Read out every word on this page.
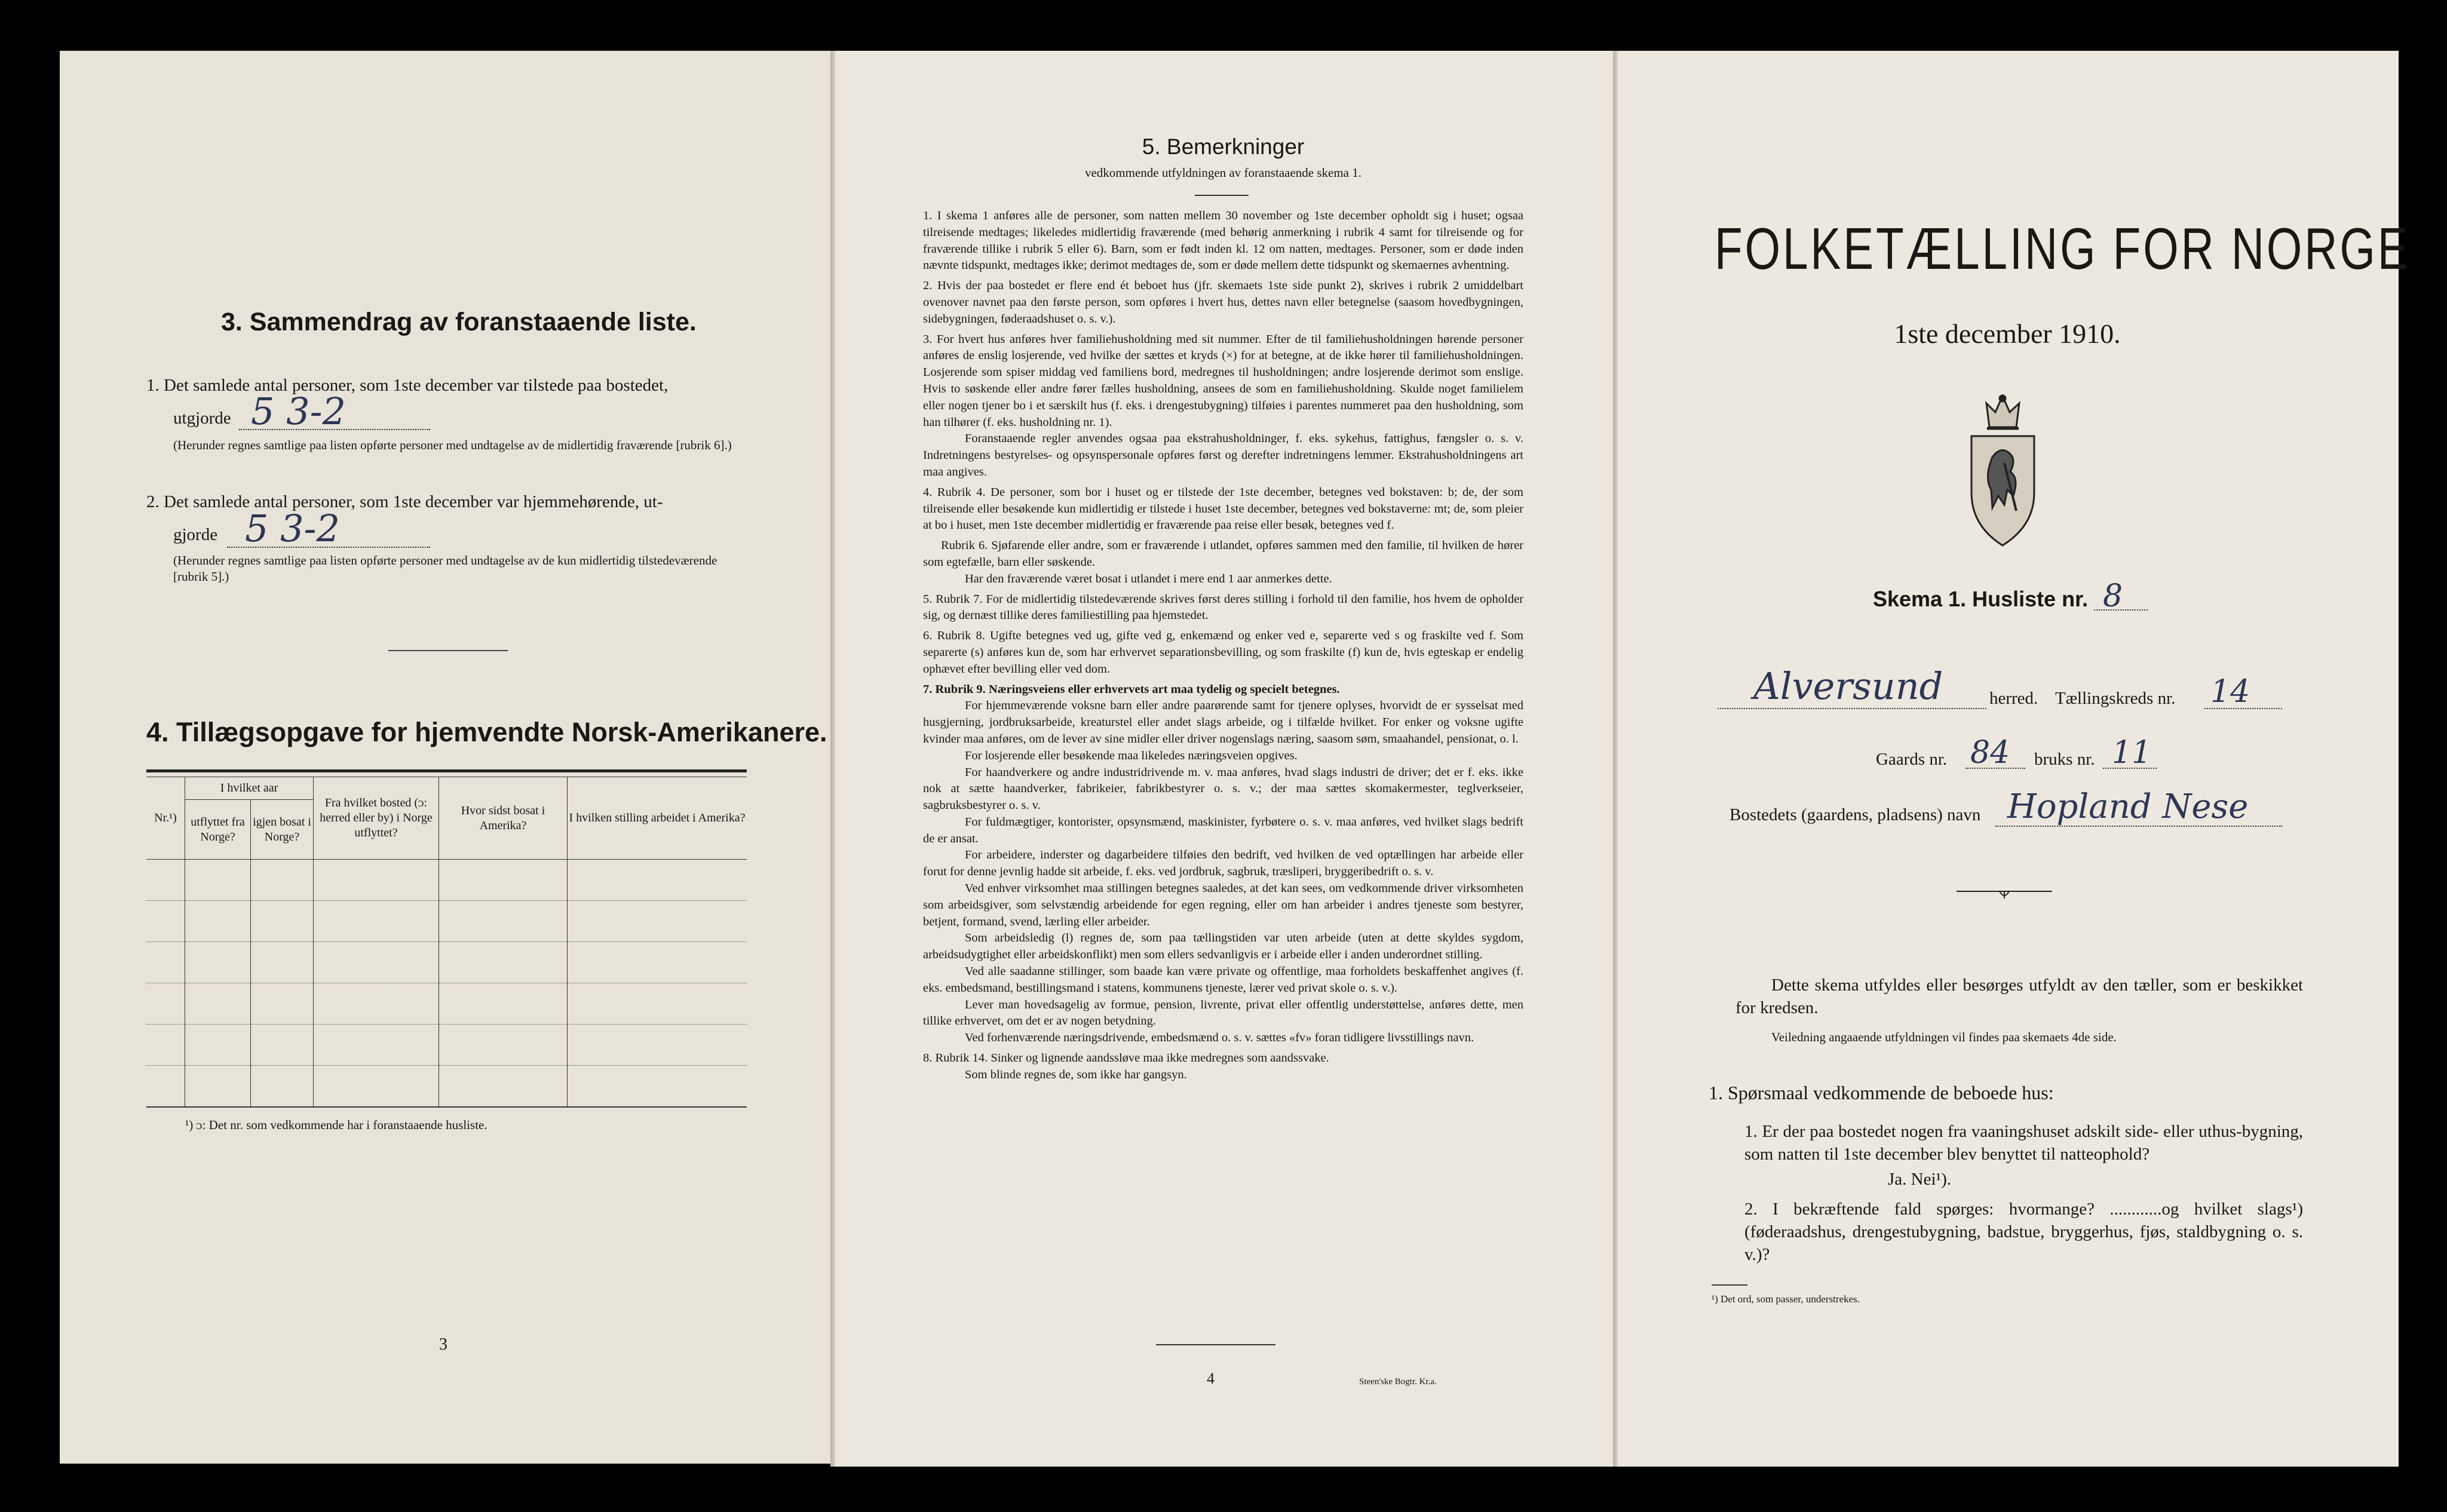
3. Sammendrag av foranstaaende liste.
1. Det samlede antal personer, som 1ste december var tilstede paa bostedet,
utgjorde 5 3-2
(Herunder regnes samtlige paa listen opførte personer med undtagelse av de midlertidig fraværende [rubrik 6].)
2. Det samlede antal personer, som 1ste december var hjemmehørende, ut-
gjorde 5 3-2
(Herunder regnes samtlige paa listen opførte personer med undtagelse av de kun midlertidig tilstedeværende [rubrik 5].)
4. Tillægsopgave for hjemvendte Norsk-Amerikanere.
Nr.¹)	I hvilket aar		Fra hvilket bosted (ᴐ: herred eller by) i Norge utflyttet?	Hvor sidst bosat i Amerika?	I hvilken stilling arbeidet i Amerika?
	utflyttet fra Norge?	igjen bosat i Norge?			

¹) ᴐ: Det nr. som vedkommende har i foranstaaende husliste.
3
5. Bemerkninger
vedkommende utfyldningen av foranstaaende skema 1.

1. I skema 1 anføres alle de personer, som natten mellem 30 november og 1ste december opholdt sig i huset; ogsaa tilreisende medtages; likeledes midlertidig fraværende (med behørig anmerkning i rubrik 4 samt for tilreisende og for fraværende tillike i rubrik 5 eller 6). Barn, som er født inden kl. 12 om natten, medtages. Personer, som er døde inden nævnte tidspunkt, medtages ikke; derimot medtages de, som er døde mellem dette tidspunkt og skemaernes avhentning.

2. Hvis der paa bostedet er flere end ét beboet hus (jfr. skemaets 1ste side punkt 2), skrives i rubrik 2 umiddelbart ovenover navnet paa den første person, som opføres i hvert hus, dettes navn eller betegnelse (saasom hovedbygningen, sidebygningen, føderaadshuset o. s. v.).

3. For hvert hus anføres hver familiehusholdning med sit nummer. Efter de til familiehusholdningen hørende personer anføres de enslig losjerende, ved hvilke der sættes et kryds (×) for at betegne, at de ikke hører til familiehusholdningen. Losjerende som spiser middag ved familiens bord, medregnes til husholdningen; andre losjerende derimot som enslige. Hvis to søskende eller andre fører fælles husholdning, ansees de som en familiehusholdning. Skulde noget familielem eller nogen tjener bo i et særskilt hus (f. eks. i drengestubygning) tilføies i parentes nummeret paa den husholdning, som han tilhører (f. eks. husholdning nr. 1).

Foranstaaende regler anvendes ogsaa paa ekstrahusholdninger, f. eks. sykehus, fattighus, fængsler o. s. v. Indretningens bestyrelses- og opsynspersonale opføres først og derefter indretningens lemmer. Ekstrahusholdningens art maa angives.

4. Rubrik 4. De personer, som bor i huset og er tilstede der 1ste december, betegnes ved bokstaven: b; de, der som tilreisende eller besøkende kun midlertidig er tilstede i huset 1ste december, betegnes ved bokstaverne: mt; de, som pleier at bo i huset, men 1ste december midlertidig er fraværende paa reise eller besøk, betegnes ved f.

Rubrik 6. Sjøfarende eller andre, som er fraværende i utlandet, opføres sammen med den familie, til hvilken de hører som egtefælle, barn eller søskende.

Har den fraværende været bosat i utlandet i mere end 1 aar anmerkes dette.

5. Rubrik 7. For de midlertidig tilstedeværende skrives først deres stilling i forhold til den familie, hos hvem de opholder sig, og dernæst tillike deres familiestilling paa hjemstedet.

6. Rubrik 8. Ugifte betegnes ved ug, gifte ved g, enkemænd og enker ved e, separerte ved s og fraskilte ved f. Som separerte (s) anføres kun de, som har erhvervet separationsbevilling, og som fraskilte (f) kun de, hvis egteskap er endelig ophævet efter bevilling eller ved dom.

7. Rubrik 9. Næringsveiens eller erhvervets art maa tydelig og specielt betegnes.

For hjemmeværende voksne barn eller andre paarørende samt for tjenere oplyses, hvorvidt de er sysselsat med husgjerning, jordbruksarbeide, kreaturstel eller andet slags arbeide, og i tilfælde hvilket. For enker og voksne ugifte kvinder maa anføres, om de lever av sine midler eller driver nogenslags næring, saasom søm, smaahandel, pensionat, o. l.

For losjerende eller besøkende maa likeledes næringsveien opgives.

For haandverkere og andre industridrivende m. v. maa anføres, hvad slags industri de driver; det er f. eks. ikke nok at sætte haandverker, fabrikeier, fabrikbestyrer o. s. v.; der maa sættes skomakermester, teglverkseier, sagbruksbestyrer o. s. v.

For fuldmægtiger, kontorister, opsynsmænd, maskinister, fyrbøtere o. s. v. maa anføres, ved hvilket slags bedrift de er ansat.

For arbeidere, inderster og dagarbeidere tilføies den bedrift, ved hvilken de ved optællingen har arbeide eller forut for denne jevnlig hadde sit arbeide, f. eks. ved jordbruk, sagbruk, træsliperi, bryggeribedrift o. s. v.

Ved enhver virksomhet maa stillingen betegnes saaledes, at det kan sees, om vedkommende driver virksomheten som arbeidsgiver, som selvstændig arbeidende for egen regning, eller om han arbeider i andres tjeneste som bestyrer, betjent, formand, svend, lærling eller arbeider.

Som arbeidsledig (l) regnes de, som paa tællingstiden var uten arbeide (uten at dette skyldes sygdom, arbeidsudygtighet eller arbeidskonflikt) men som ellers sedvanligvis er i arbeide eller i anden underordnet stilling.

Ved alle saadanne stillinger, som baade kan være private og offentlige, maa forholdets beskaffenhet angives (f. eks. embedsmand, bestillingsmand i statens, kommunens tjeneste, lærer ved privat skole o. s. v.).

Lever man hovedsagelig av formue, pension, livrente, privat eller offentlig understøttelse, anføres dette, men tillike erhvervet, om det er av nogen betydning.

Ved forhenværende næringsdrivende, embedsmænd o. s. v. sættes «fv» foran tidligere livsstillings navn.

8. Rubrik 14. Sinker og lignende aandssløve maa ikke medregnes som aandssvake.

Som blinde regnes de, som ikke har gangsyn.

4	Steen'ske Bogtr. Kr.a.
FOLKETÆLLING FOR NORGE
1ste december 1910.
Skema 1. Husliste nr. 8
Alversund	herred. Tællingskreds nr. 14
Gaards nr. 84 bruks nr. 11
Bostedets (gaardens, pladsens) navn Hopland Nese
Dette skema utfyldes eller besørges utfyldt av den tæller, som er beskikket for kredsen.
Veiledning angaaende utfyldningen vil findes paa skemaets 4de side.
1. Spørsmaal vedkommende de beboede hus:
1. Er der paa bostedet nogen fra vaaningshuset adskilt side- eller uthus-bygning, som natten til 1ste december blev benyttet til natteophold?
Ja. Nei¹).
2. I bekræftende fald spørges: hvormange? ............og hvilket slags¹) (føderaadshus, drengestubygning, badstue, bryggerhus, fjøs, staldbygning o. s. v.)?
¹) Det ord, som passer, understrekes.
